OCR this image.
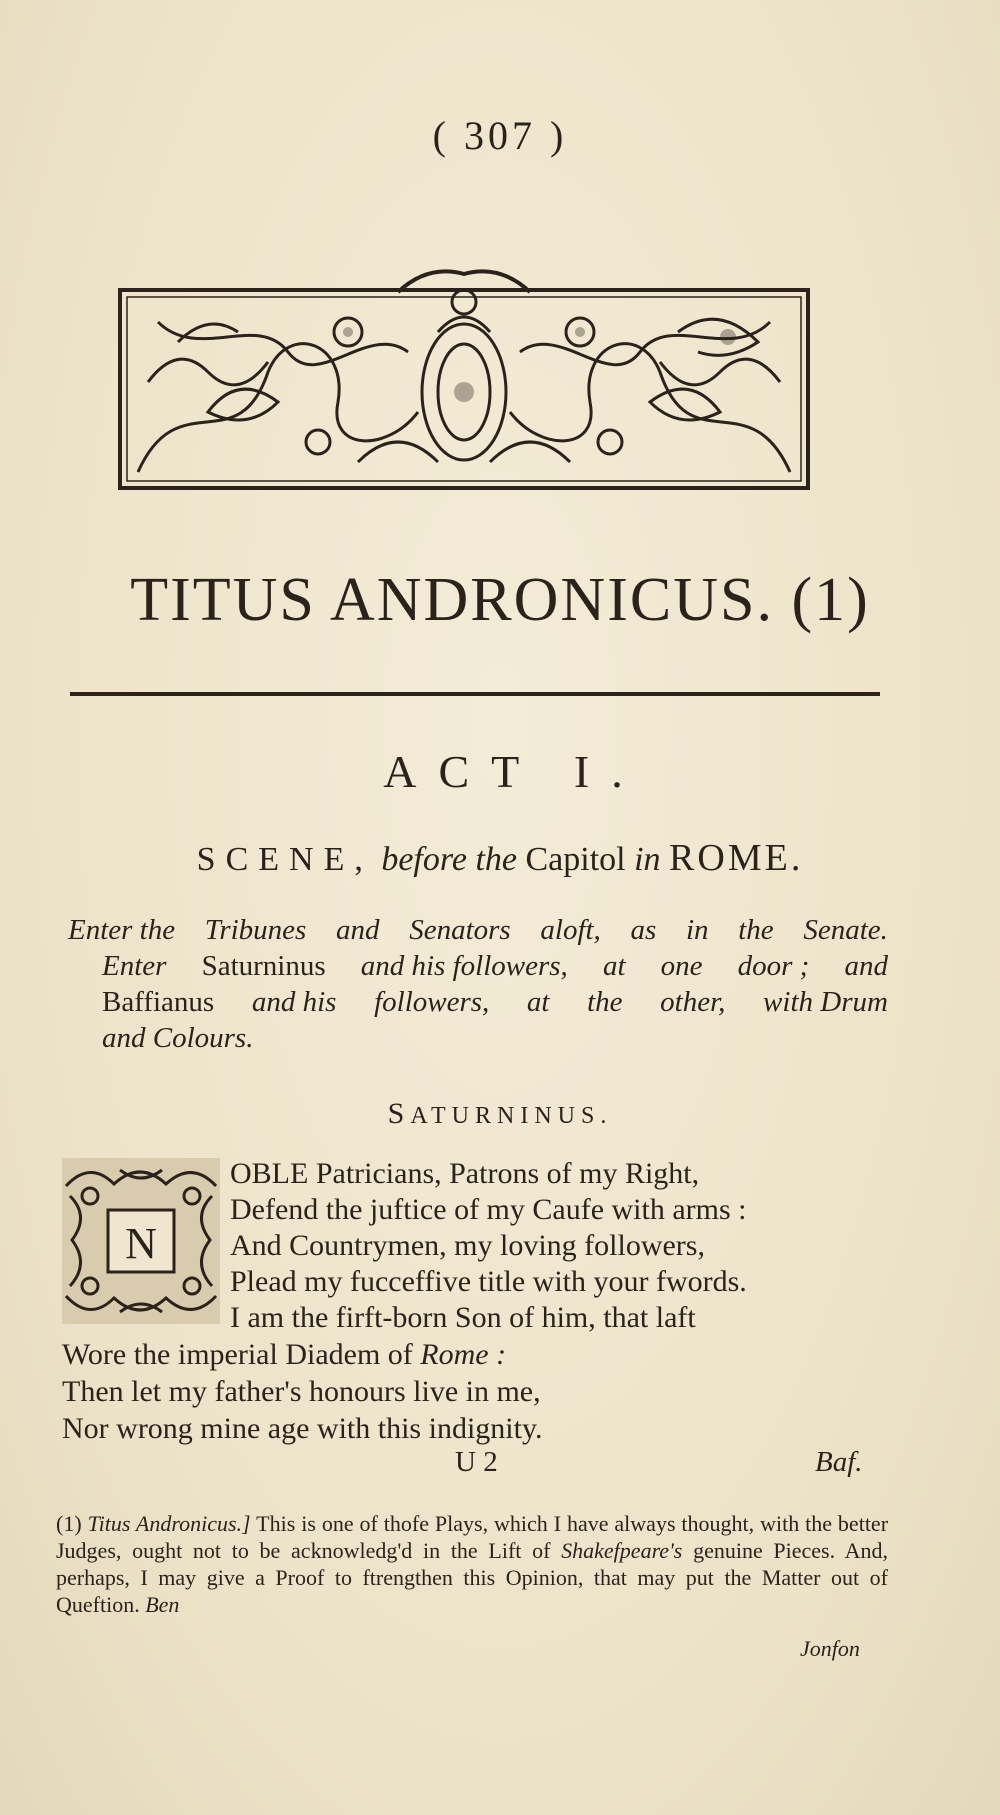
( 307 )
TITUS ANDRONICUS. (1)
ACT I.
SCENE, before the Capitol in ROME.
Enter the Tribunes and Senators aloft, as in the Senate.
Enter Saturninus and his followers, at one door ; and
Baffianus and his followers, at the other, with Drum
and Colours.
SATURNINUS.
N
OBLE Patricians, Patrons of my Right,
Defend the juftice of my Caufe with arms :
And Countrymen, my loving followers,
Plead my fucceffive title with your fwords.
I am the firft-born Son of him, that laft
Wore the imperial Diadem of Rome :
Then let my father's honours live in me,
Nor wrong mine age with this indignity.
U 2	Baf.
(1) Titus Andronicus.] This is one of thofe Plays, which I have always thought, with the better Judges, ought not to be acknowledg'd in the Lift of Shakefpeare's genuine Pieces. And, perhaps, I may give a Proof to ftrengthen this Opinion, that may put the Matter out of Queftion. Ben
Jonfon
